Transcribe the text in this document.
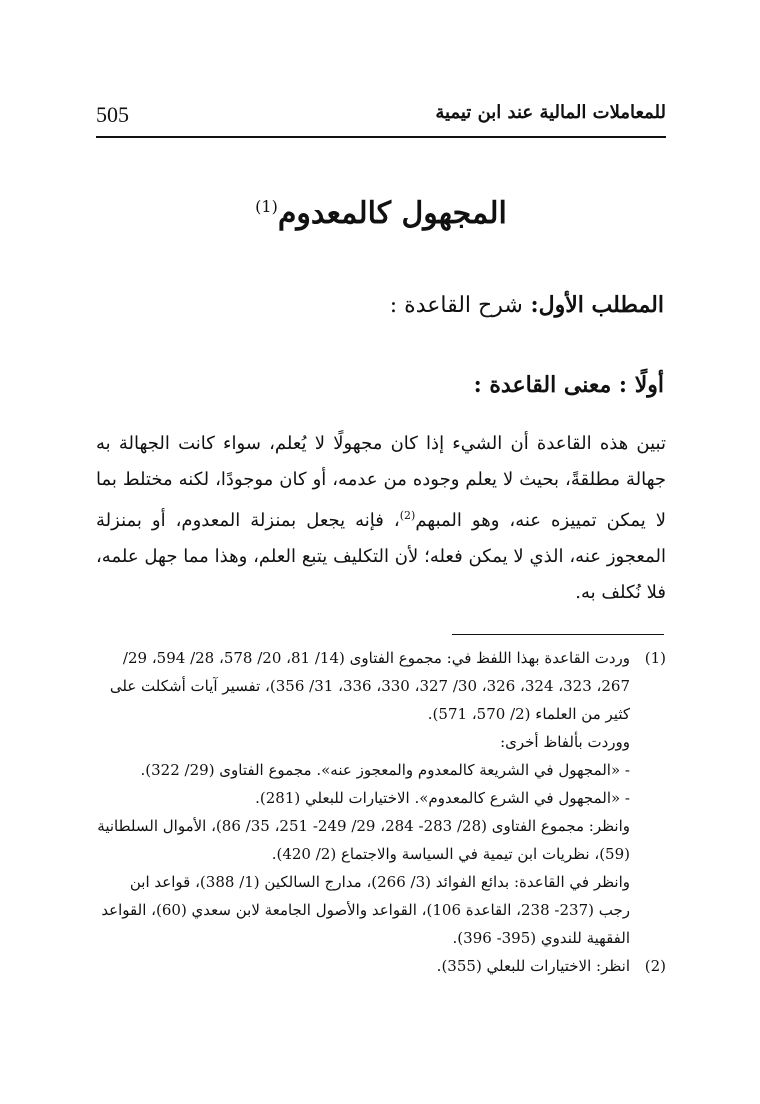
505	للمعاملات المالية عند ابن تيمية
المجهول كالمعدوم$^{(1)}$
المطلب الأول: شرح القاعدة :
أولًا : معنى القاعدة :

تبين هذه القاعدة أن الشيء إذا كان مجهولًا لا يُعلم، سواء كانت الجهالة به جهالة مطلقةً، بحيث لا يعلم وجوده من عدمه، أو كان موجودًا، لكنه مختلط بما لا يمكن تمييزه عنه، وهو المبهم$^{(2)}$، فإنه يجعل بمنزلة المعدوم، أو بمنزلة المعجوز عنه، الذي لا يمكن فعله؛ لأن التكليف يتبع العلم، وهذا مما جهل علمه، فلا نُكلف به.

(1)
وردت القاعدة بهذا اللفظ في: مجموع الفتاوى (14/ 81، 20/ 578، 28/ 594، 29/ 267، 323، 324، 326، 30/ 327، 330، 336، 31/ 356)، تفسير آيات أشكلت على كثير من العلماء (2/ 570، 571).
ووردت بألفاظ أخرى:
- «المجهول في الشريعة كالمعدوم والمعجوز عنه». مجموع الفتاوى (29/ 322).
- «المجهول في الشرع كالمعدوم». الاختيارات للبعلي (281).
وانظر: مجموع الفتاوى (28/ 283- 284، 29/ 249- 251، 35/ 86)، الأموال السلطانية (59)، نظريات ابن تيمية في السياسة والاجتماع (2/ 420).
وانظر في القاعدة: بدائع الفوائد (3/ 266)، مدارج السالكين (1/ 388)، قواعد ابن رجب (237- 238، القاعدة 106)، القواعد والأصول الجامعة لابن سعدي (60)، القواعد الفقهية للندوي (395- 396).
(2)
انظر: الاختيارات للبعلي (355).
